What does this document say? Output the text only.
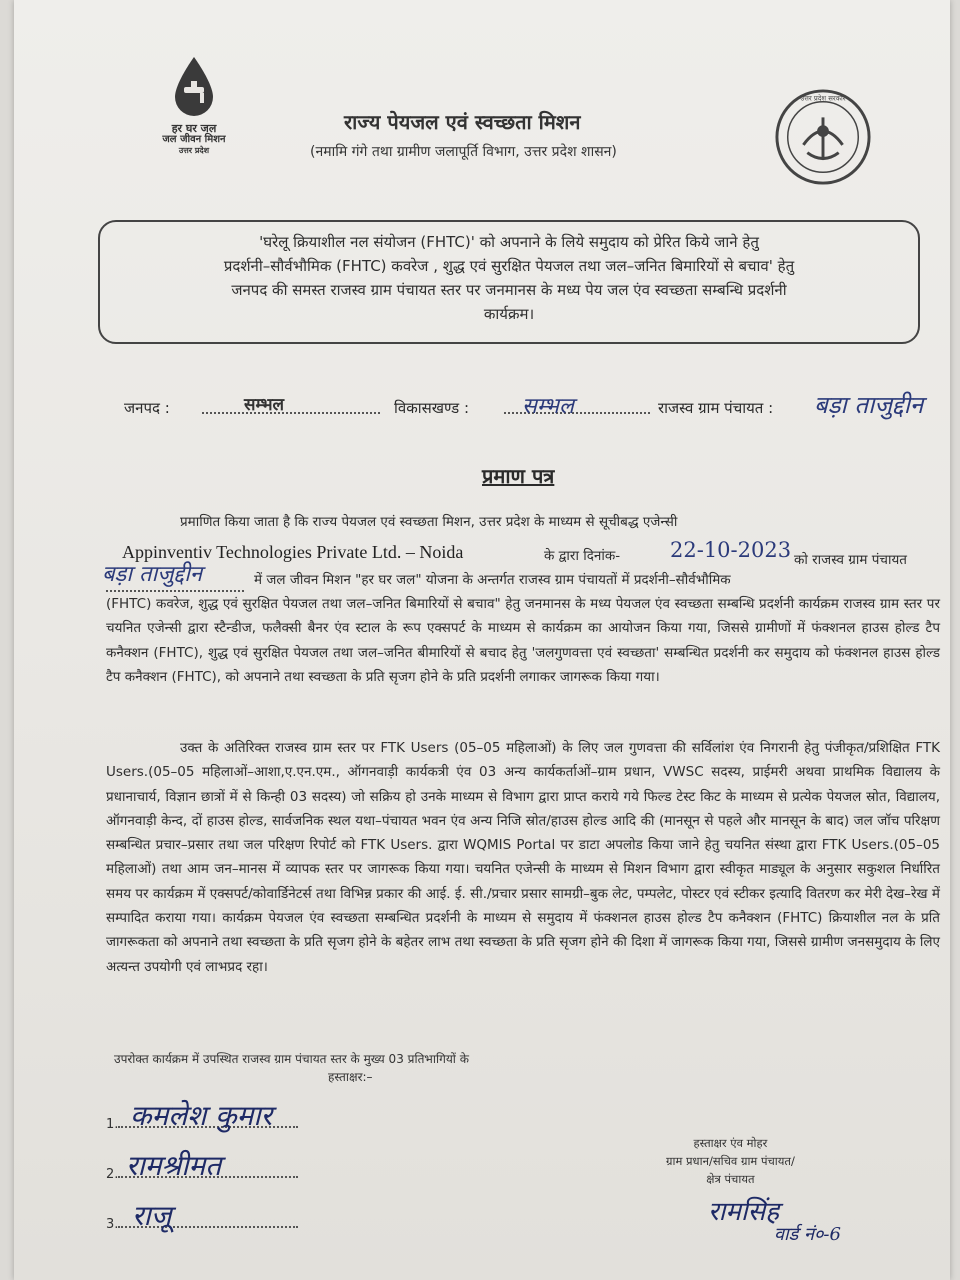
हर घर जल
जल जीवन मिशन
उत्तर प्रदेश
राज्य पेयजल एवं स्वच्छता मिशन
(नमामि गंगे तथा ग्रामीण जलापूर्ति विभाग, उत्तर प्रदेश शासन)
उत्तर प्रदेश सरकार
'घरेलू क्रियाशील नल संयोजन (FHTC)' को अपनाने के लिये समुदाय को प्रेरित किये जाने हेतु
प्रदर्शनी–सौर्वभौमिक (FHTC) कवरेज , शुद्ध एवं सुरक्षित पेयजल तथा जल–जनित बिमारियों से बचाव' हेतु
जनपद की समस्त राजस्व ग्राम पंचायत स्तर पर जनमानस के मध्य पेय जल एंव स्वच्छता सम्बन्धि प्रदर्शनी
कार्यक्रम।
जनपद :	सम्भल	विकासखण्ड : सम्भल	राजस्व ग्राम पंचायत : बड़ा ताजुद्दीन
प्रमाण पत्र
प्रमाणित किया जाता है कि राज्य पेयजल एवं स्वच्छता मिशन, उत्तर प्रदेश के माध्यम से सूचीबद्ध एजेन्सी
Appinventiv Technologies Private Ltd. – Noida	के द्वारा दिनांक- 22-10-2023 को राजस्व ग्राम पंचायत
बड़ा ताजुद्दीन	में जल जीवन मिशन "हर घर जल" योजना के अन्तर्गत राजस्व ग्राम पंचायतों में प्रदर्शनी–सौर्वभौमिक
(FHTC) कवरेज, शुद्ध एवं सुरक्षित पेयजल तथा जल–जनित बिमारियों से बचाव" हेतु जनमानस के मध्य पेयजल एंव स्वच्छता सम्बन्धि प्रदर्शनी कार्यक्रम राजस्व ग्राम स्तर पर चयनित एजेन्सी द्वारा स्टैन्डीज, फलैक्सी बैनर एंव स्टाल के रूप एक्सपर्ट के माध्यम से कार्यक्रम का आयोजन किया गया, जिससे ग्रामीणों में फंक्शनल हाउस होल्ड टैप कनैक्शन (FHTC), शुद्ध एवं सुरक्षित पेयजल तथा जल–जनित बीमारियों से बचाद हेतु 'जलगुणवत्ता एवं स्वच्छता' सम्बन्धित प्रदर्शनी कर समुदाय को फंक्शनल हाउस होल्ड टैप कनैक्शन (FHTC), को अपनाने तथा स्वच्छता के प्रति सृजग होने के प्रति प्रदर्शनी लगाकर जागरूक किया गया।
उक्त के अतिरिक्त राजस्व ग्राम स्तर पर FTK Users (05–05 महिलाओं) के लिए जल गुणवत्ता की सर्विलांश एंव निगरानी हेतु पंजीकृत/प्रशिक्षित FTK Users.(05–05 महिलाओं–आशा,ए.एन.एम., ऑगनवाड़ी कार्यकत्री एंव 03 अन्य कार्यकर्ताओं–ग्राम प्रधान, VWSC सदस्य, प्राईमरी अथवा प्राथमिक विद्यालय के प्रधानाचार्य, विज्ञान छात्रों में से किन्ही 03 सदस्य) जो सक्रिय हो उनके माध्यम से विभाग द्वारा प्राप्त कराये गये फिल्ड टेस्ट किट के माध्यम से प्रत्येक पेयजल स्रोत, विद्यालय, ऑगनवाड़ी केन्द, दों हाउस होल्ड, सार्वजनिक स्थल यथा–पंचायत भवन एंव अन्य निजि स्रोत/हाउस होल्ड आदि की (मानसून से पहले और मानसून के बाद) जल जॉच परिक्षण सम्बन्धित प्रचार–प्रसार तथा जल परिक्षण रिपोर्ट को FTK Users. द्वारा WQMIS Portal पर डाटा अपलोड किया जाने हेतु चयनित संस्था द्वारा FTK Users.(05–05 महिलाओं) तथा आम जन–मानस में व्यापक स्तर पर जागरूक किया गया। चयनित एजेन्सी के माध्यम से मिशन विभाग द्वारा स्वीकृत माड्यूल के अनुसार सकुशल निर्धारित समय पर कार्यक्रम में एक्सपर्ट/कोवार्डिनेटर्स तथा विभिन्न प्रकार की आई. ई. सी./प्रचार प्रसार सामग्री–बुक लेट, पम्पलेट, पोस्टर एवं स्टीकर इत्यादि वितरण कर मेरी देख–रेख में सम्पादित कराया गया। कार्यक्रम पेयजल एंव स्वच्छता सम्बन्धित प्रदर्शनी के माध्यम से समुदाय में फंक्शनल हाउस होल्ड टैप कनैक्शन (FHTC) क्रियाशील नल के प्रति जागरूकता को अपनाने तथा स्वच्छता के प्रति सृजग होने के बहेतर लाभ तथा स्वच्छता के प्रति सृजग होने की दिशा में जागरूक किया गया, जिससे ग्रामीण जनसमुदाय के लिए अत्यन्त उपयोगी एवं लाभप्रद रहा।
उपरोक्त कार्यक्रम में उपस्थित राजस्व ग्राम पंचायत स्तर के मुख्य 03 प्रतिभागियों के
हस्ताक्षर:–
1. कमलेश कुमार
2. रामश्रीमत
3. राजू
हस्ताक्षर एंव मोहर
ग्राम प्रधान/सचिव ग्राम पंचायत/
क्षेत्र पंचायत
रामसिंह
वार्ड नं०-6
